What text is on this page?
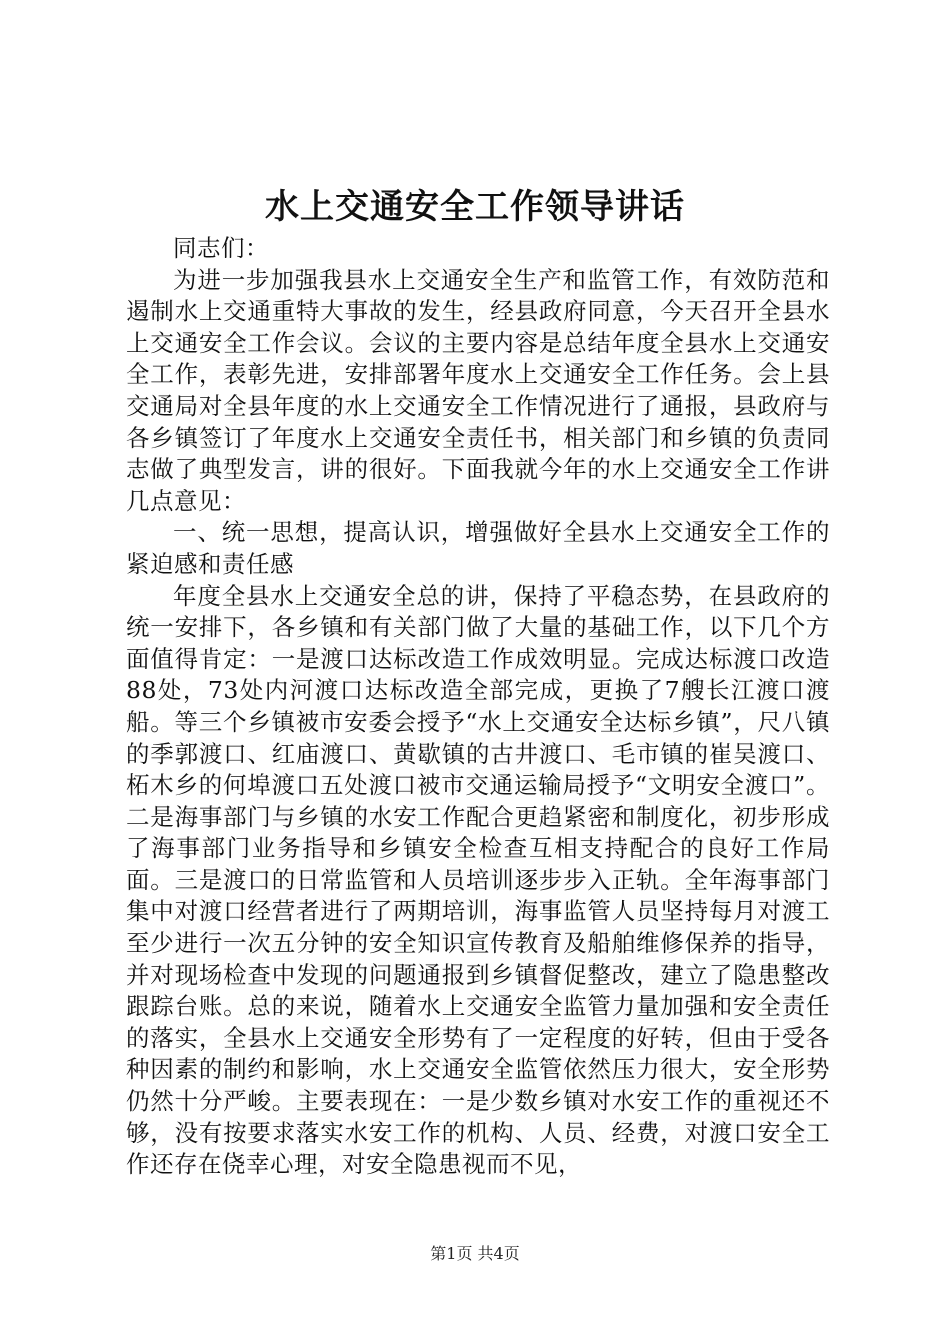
水上交通安全工作领导讲话

同志们：

为进一步加强我县水上交通安全生产和监管工作，有效防范和遏制水上交通重特大事故的发生，经县政府同意，今天召开全县水上交通安全工作会议。会议的主要内容是总结年度全县水上交通安全工作，表彰先进，安排部署年度水上交通安全工作任务。会上县交通局对全县年度的水上交通安全工作情况进行了通报，县政府与各乡镇签订了年度水上交通安全责任书，相关部门和乡镇的负责同志做了典型发言，讲的很好。下面我就今年的水上交通安全工作讲几点意见：

一、统一思想，提高认识，增强做好全县水上交通安全工作的紧迫感和责任感

年度全县水上交通安全总的讲，保持了平稳态势，在县政府的统一安排下，各乡镇和有关部门做了大量的基础工作，以下几个方面值得肯定：一是渡口达标改造工作成效明显。完成达标渡口改造88处，73处内河渡口达标改造全部完成，更换了7艘长江渡口渡船。等三个乡镇被市安委会授予“水上交通安全达标乡镇”，尺八镇的季郭渡口、红庙渡口、黄歇镇的古井渡口、毛市镇的崔吴渡口、柘木乡的何埠渡口五处渡口被市交通运输局授予“文明安全渡口”。二是海事部门与乡镇的水安工作配合更趋紧密和制度化，初步形成了海事部门业务指导和乡镇安全检查互相支持配合的良好工作局面。三是渡口的日常监管和人员培训逐步步入正轨。全年海事部门集中对渡口经营者进行了两期培训，海事监管人员坚持每月对渡工至少进行一次五分钟的安全知识宣传教育及船舶维修保养的指导，并对现场检查中发现的问题通报到乡镇督促整改，建立了隐患整改跟踪台账。总的来说，随着水上交通安全监管力量加强和安全责任的落实，全县水上交通安全形势有了一定程度的好转，但由于受各种因素的制约和影响，水上交通安全监管依然压力很大，安全形势仍然十分严峻。主要表现在：一是少数乡镇对水安工作的重视还不够，没有按要求落实水安工作的机构、人员、经费，对渡口安全工作还存在侥幸心理，对安全隐患视而不见，

第1页 共4页
